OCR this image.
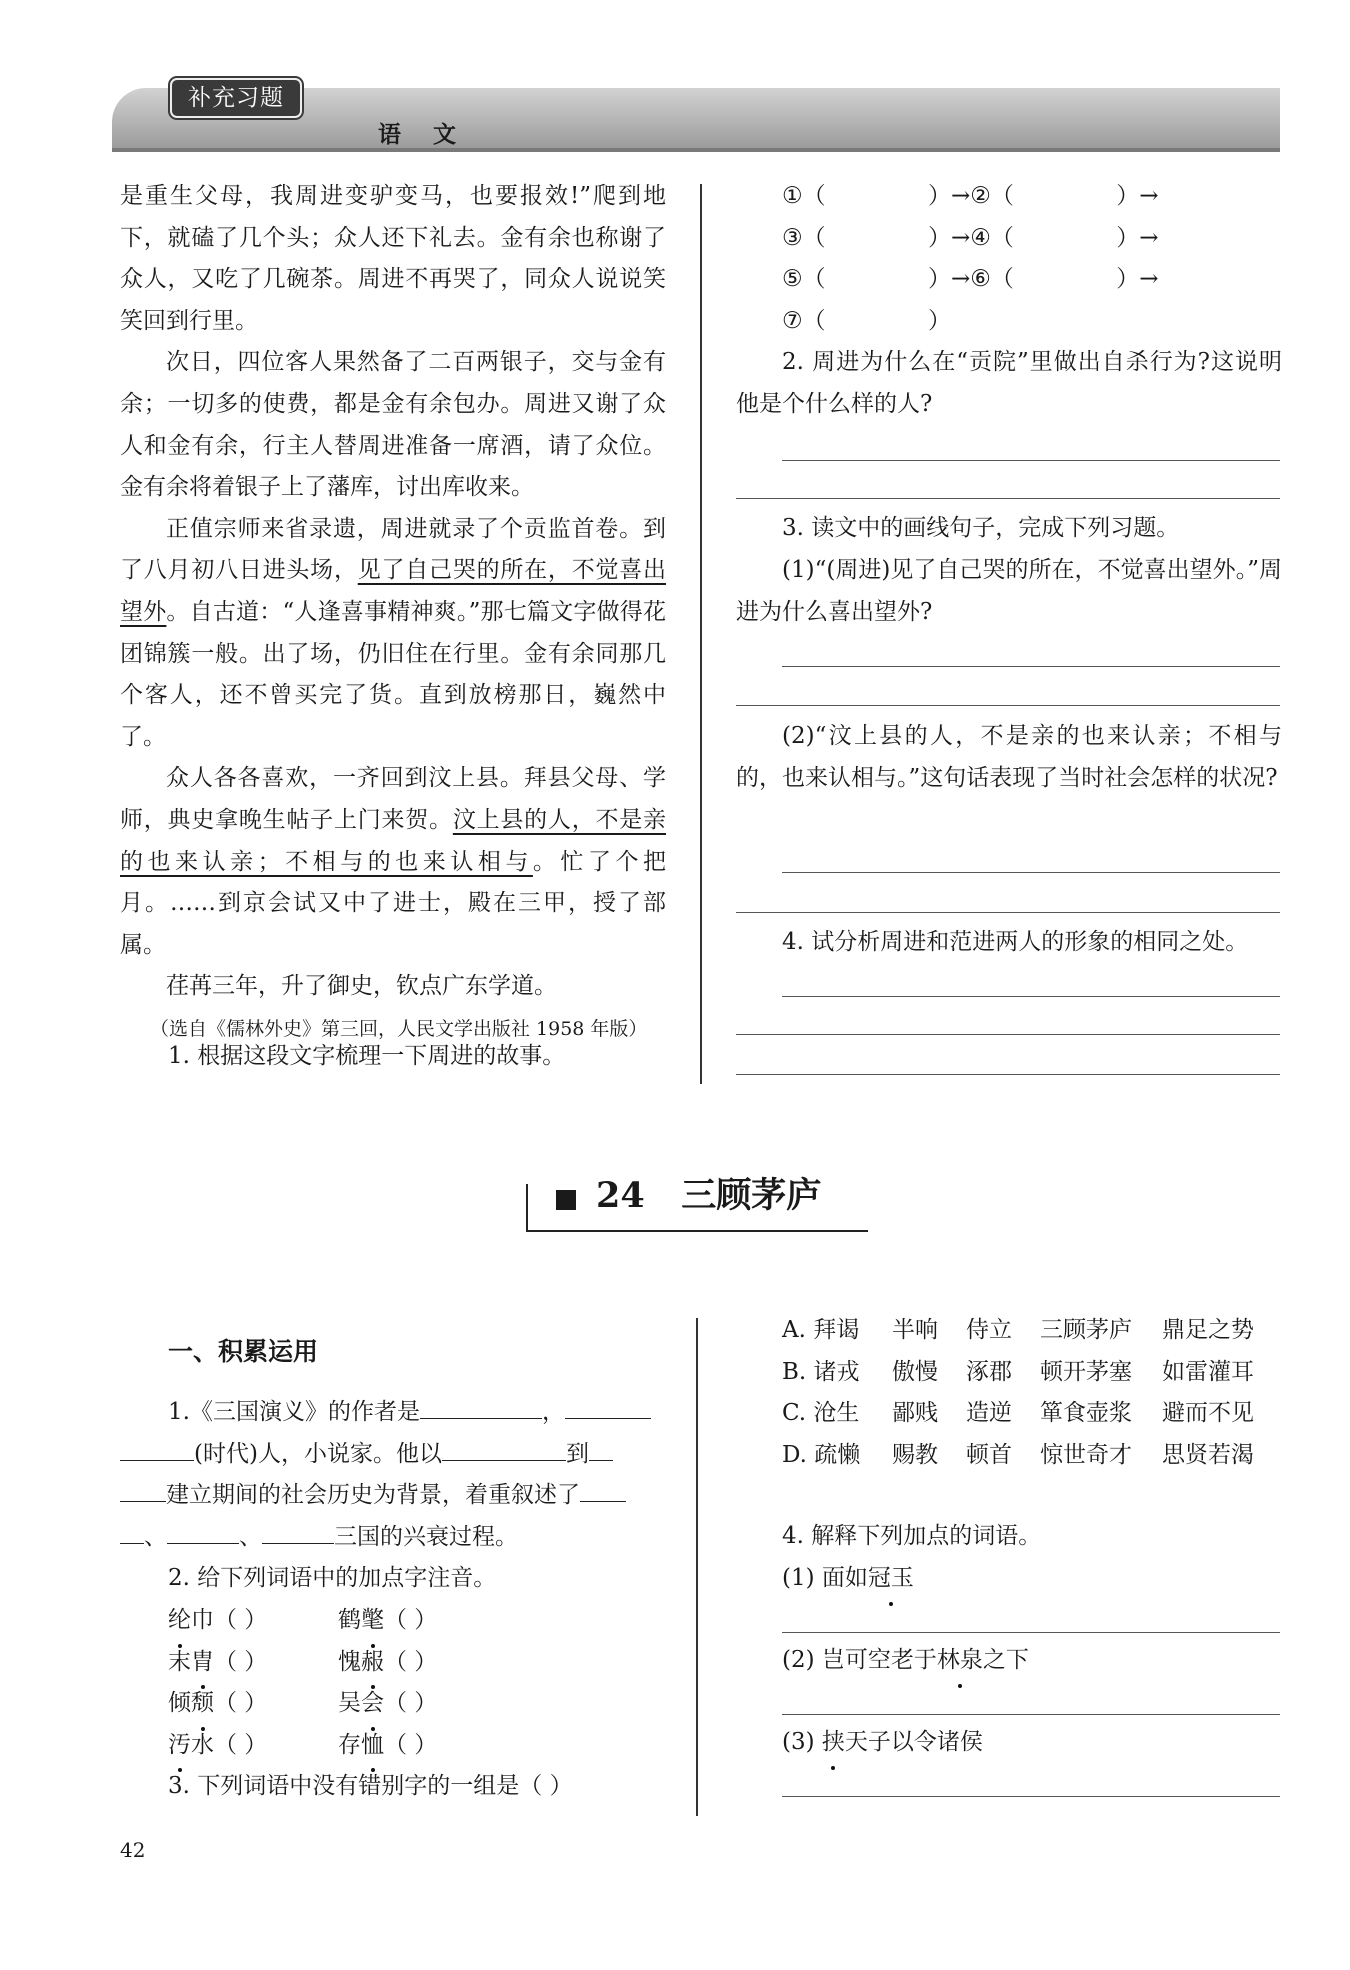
补充习题
语 文
是重生父母，我周进变驴变马，也要报效!”爬到地下，就磕了几个头；众人还下礼去。金有余也称谢了众人，又吃了几碗茶。周进不再哭了，同众人说说笑笑回到行里。
次日，四位客人果然备了二百两银子，交与金有余；一切多的使费，都是金有余包办。周进又谢了众人和金有余，行主人替周进准备一席酒，请了众位。金有余将着银子上了藩库，讨出库收来。
正值宗师来省录遗，周进就录了个贡监首卷。到了八月初八日进头场，见了自己哭的所在，不觉喜出望外。自古道：“人逢喜事精神爽。”那七篇文字做得花团锦簇一般。出了场，仍旧住在行里。金有余同那几个客人，还不曾买完了货。直到放榜那日，巍然中了。
众人各各喜欢，一齐回到汶上县。拜县父母、学师，典史拿晚生帖子上门来贺。汶上县的人，不是亲的也来认亲；不相与的也来认相与。忙了个把月。……到京会试又中了进士，殿在三甲，授了部属。
荏苒三年，升了御史，钦点广东学道。
（选自《儒林外史》第三回，人民文学出版社 1958 年版）
1. 根据这段文字梳理一下周进的故事。
①（              ）→②（              ）→
③（              ）→④（              ）→
⑤（              ）→⑥（              ）→
⑦（              ）
2. 周进为什么在“贡院”里做出自杀行为?这说明他是个什么样的人?
3. 读文中的画线句子，完成下列习题。
(1)“(周进)见了自己哭的所在，不觉喜出望外。”周进为什么喜出望外?
(2)“汶上县的人，不是亲的也来认亲；不相与的，也来认相与。”这句话表现了当时社会怎样的状况?
4. 试分析周进和范进两人的形象的相同之处。
24 三顾茅庐
一、积累运用
1.《三国演义》的作者是	，
(时代)人，小说家。他以	到
建立期间的社会历史为背景，着重叙述了
、	、	三国的兴衰过程。
2. 给下列词语中的加点字注音。
纶巾（ ）	鹤氅（ ）
末胄（ ）	愧赧（ ）
倾颓（ ）	吴会（ ）
汚水（ ）	存恤（ ）
3. 下列词语中没有错别字的一组是（ ）
A. 拜谒 半响 侍立 三顾茅庐 鼎足之势
B. 诸戎 傲慢 涿郡 顿开茅塞 如雷灌耳
C. 沧生 鄙贱 造逆 箪食壶浆 避而不见
D. 疏懒 赐教 顿首 惊世奇才 思贤若渴
4. 解释下列加点的词语。
(1) 面如冠玉
(2) 岂可空老于林泉之下
(3) 挟天子以令诸侯
42
